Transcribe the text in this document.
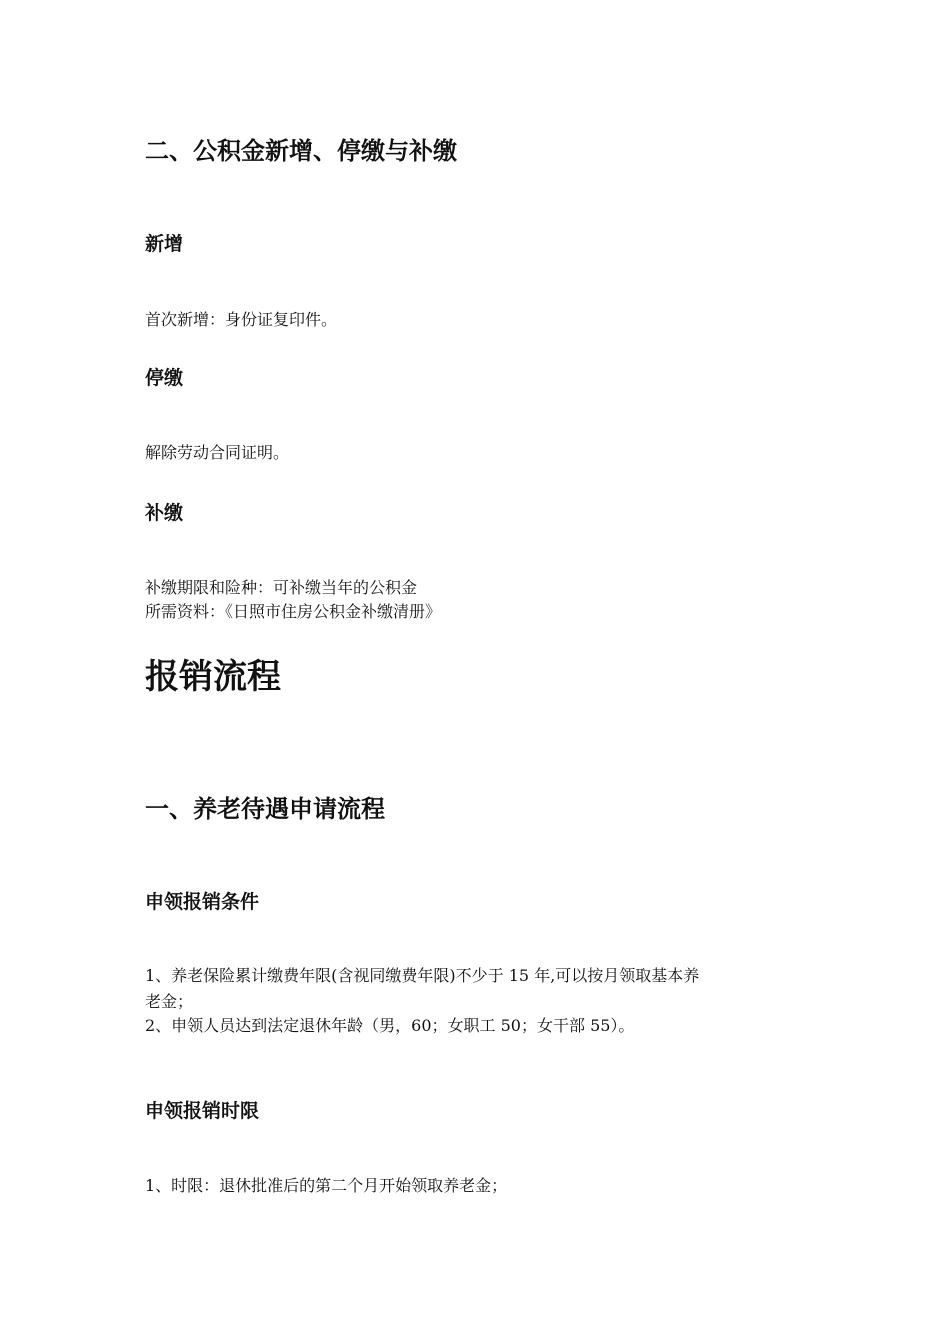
二、公积金新增、停缴与补缴
新增

首次新增：身份证复印件。

停缴

解除劳动合同证明。

补缴

补缴期限和险种：可补缴当年的公积金

所需资料：《日照市住房公积金补缴清册》

报销流程
一、养老待遇申请流程
申领报销条件

1、养老保险累计缴费年限(含视同缴费年限)不少于 15 年,可以按月领取基本养

老金；

2、申领人员达到法定退休年龄（男，60；女职工 50；女干部 55）。

申领报销时限

1、时限：退休批准后的第二个月开始领取养老金；
